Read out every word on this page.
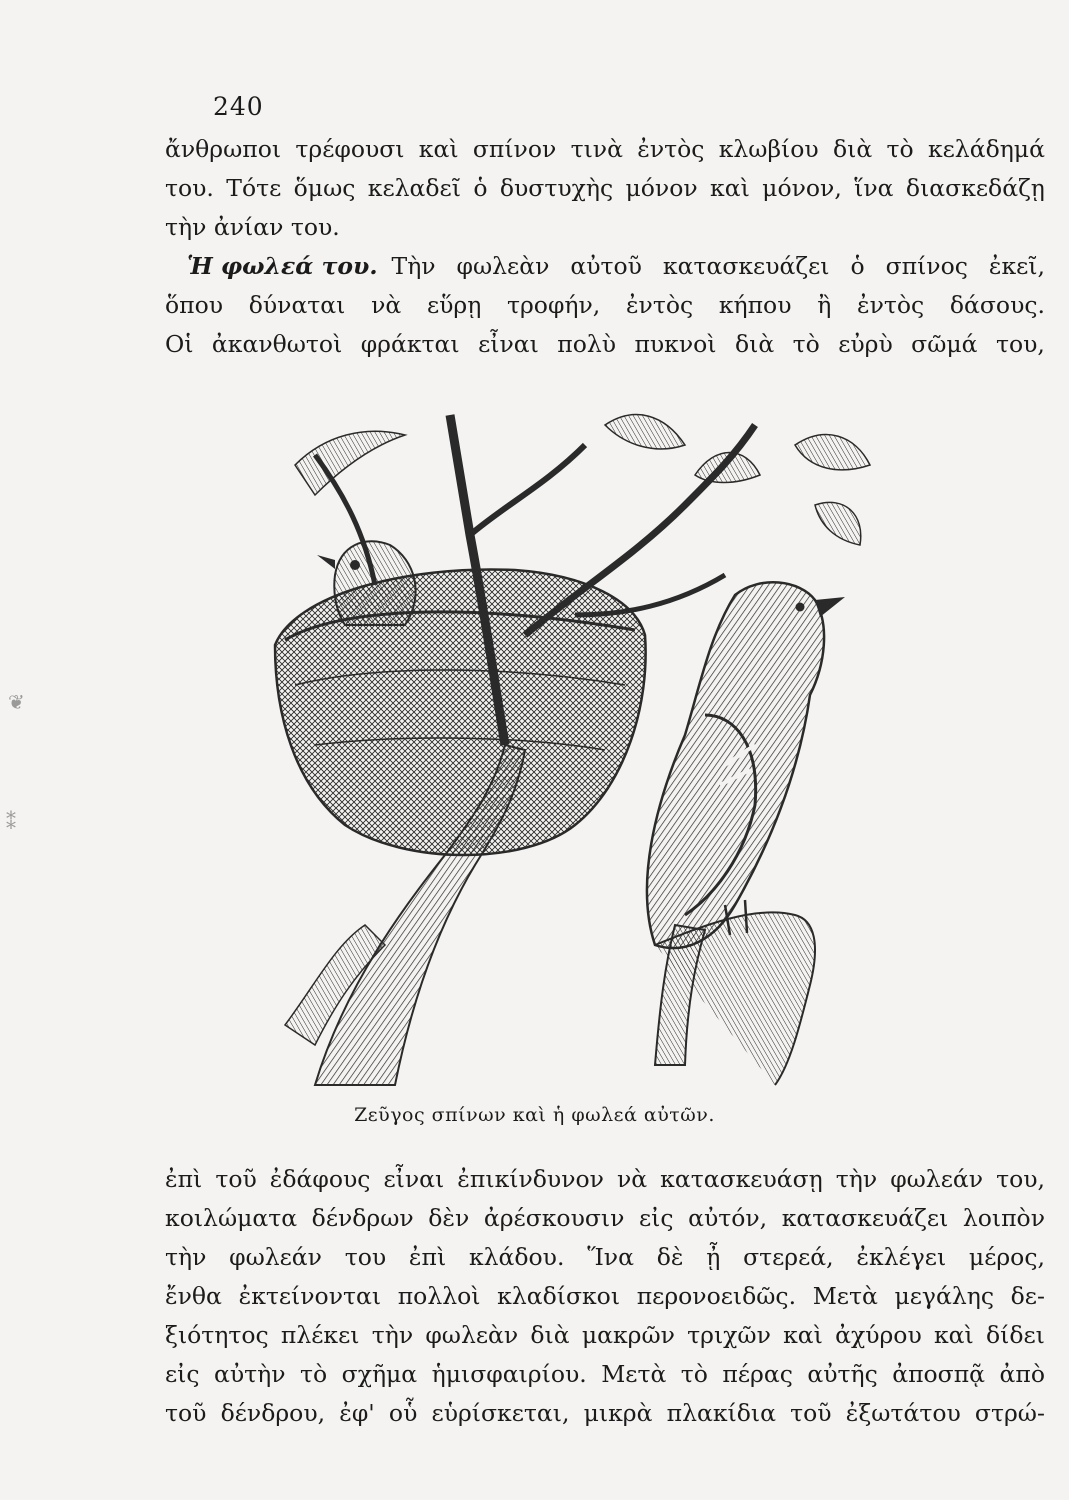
240
ἄνθρωποι τρέφουσι καὶ σπίνον τινὰ ἐντὸς κλωβίου διὰ τὸ κελάδημά
του. Τότε ὅμως κελαδεῖ ὁ δυστυχὴς μόνον καὶ μόνον, ἵνα διασκεδάζῃ
τὴν ἀνίαν του.
Ἡ φωλεά του. Τὴν φωλεὰν αὐτοῦ κατασκευάζει ὁ σπίνος ἐκεῖ,
ὅπου δύναται νὰ εὕρῃ τροφήν, ἐντὸς κήπου ἢ ἐντὸς δάσους.
Οἱ ἀκανθωτοὶ φράκται εἶναι πολὺ πυκνοὶ διὰ τὸ εὐρὺ σῶμά του,
Ζεῦγος σπίνων καὶ ἡ φωλεά αὐτῶν.
ἐπὶ τοῦ ἐδάφους εἶναι ἐπικίνδυνον νὰ κατασκευάσῃ τὴν φωλεάν του,
κοιλώματα δένδρων δὲν ἀρέσκουσιν εἰς αὐτόν, κατασκευάζει λοιπὸν
τὴν φωλεάν του ἐπὶ κλάδου. Ἵνα δὲ ᾖ στερεά, ἐκλέγει μέρος,
ἔνθα ἐκτείνονται πολλοὶ κλαδίσκοι περονοειδῶς. Μετὰ μεγάλης δε-
ξιότητος πλέκει τὴν φωλεὰν διὰ μακρῶν τριχῶν καὶ ἀχύρου καὶ δίδει
εἰς αὐτὴν τὸ σχῆμα ἡμισφαιρίου. Μετὰ τὸ πέρας αὐτῆς ἀποσπᾷ ἀπὸ
τοῦ δένδρου, ἐφ' οὗ εὑρίσκεται, μικρὰ πλακίδια τοῦ ἐξωτάτου στρώ-
❦
⁑
